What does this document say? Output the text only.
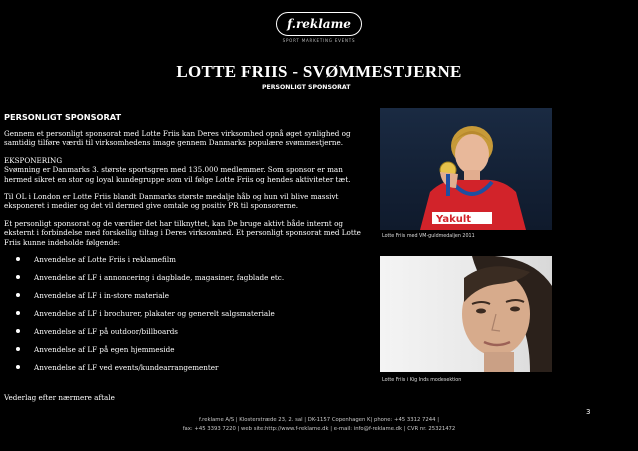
f.reklame
SPORT MARKETING EVENTS
LOTTE FRIIS - SVØMMESTJERNE
PERSONLIGT SPONSORAT
PERSONLIGT SPONSORAT
Gennem et personligt sponsorat med Lotte Friis kan Deres virksomhed opnå øget synlighed og samtidig tilføre værdi til virksomhedens image gennem Danmarks populære svømmestjerne.
EKSPONERING
Svømning er Danmarks 3. største sportsgren med 135.000 medlemmer. Som sponsor er man hermed sikret en stor og loyal kundegruppe som vil følge Lotte Friis og hendes aktiviteter tæt.
Til OL i London er Lotte Friis blandt Danmarks største medalje håb og hun vil blive massivt eksponeret i medier og det vil dermed give omtale og positiv PR til sponsorerne.
Et personligt sponsorat og de værdier det har tilknyttet, kan De bruge aktivt både internt og eksternt i forbindelse med forskellig tiltag i Deres virksomhed. Et personligt sponsorat med Lotte Friis kunne indeholde følgende:
Anvendelse af Lotte Friis i reklamefilm
Anvendelse af LF i annoncering i dagblade, magasiner, fagblade etc.
Anvendelse af LF i in-store materiale
Anvendelse af LF i brochurer, plakater og generelt salgsmateriale
Anvendelse af LF på outdoor/billboards
Anvendelse af LF på egen hjemmeside
Anvendelse af LF ved events/kundearrangementer
Vederlag efter nærmere aftale
Yakult
Lotte Friis med VM-guldmedaljen 2011
Lotte Friis i Kig Inds modesektion
3
f.reklame A/S | Klosterstræde 23, 2. sal | DK-1157 Copenhagen K| phone: +45 3312 7244 |
fax: +45 3393 7220 | web site:http://www.f-reklame.dk | e-mail: info@f-reklame.dk | CVR nr. 25321472
